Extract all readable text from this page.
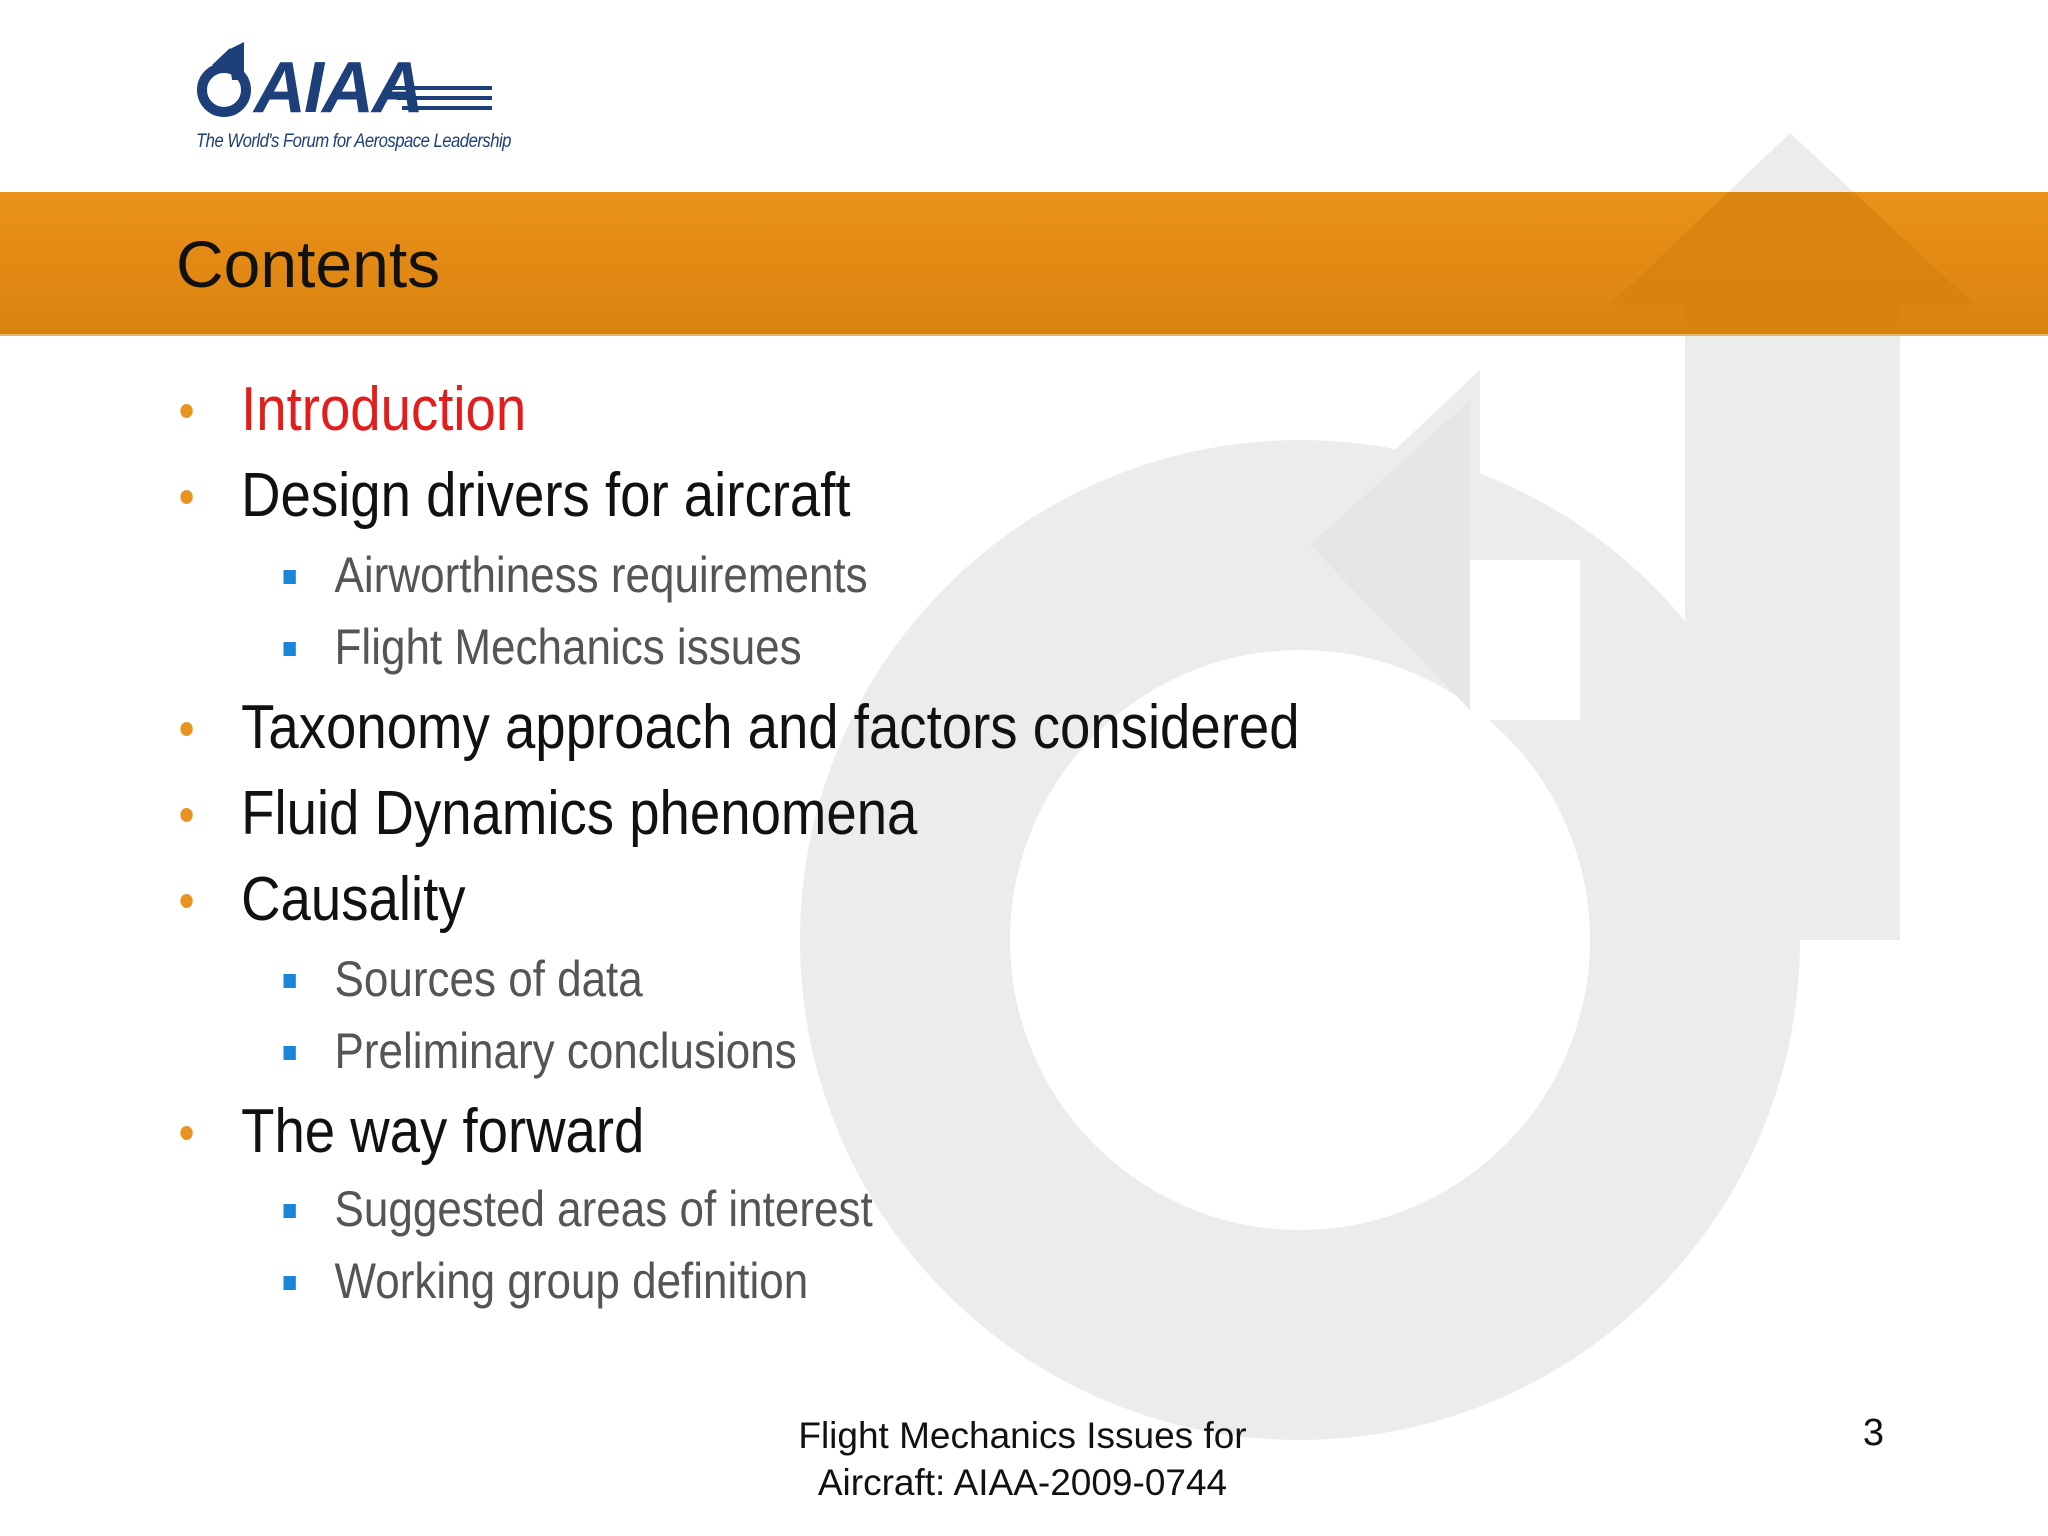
AIAA
The World's Forum for Aerospace Leadership
Contents
Introduction
Design drivers for aircraft
Airworthiness requirements
Flight Mechanics issues
Taxonomy approach and factors considered
Fluid Dynamics phenomena
Causality
Sources of data
Preliminary conclusions
The way forward
Suggested areas of interest
Working group definition
Flight Mechanics Issues for
Aircraft: AIAA-2009-0744
3
